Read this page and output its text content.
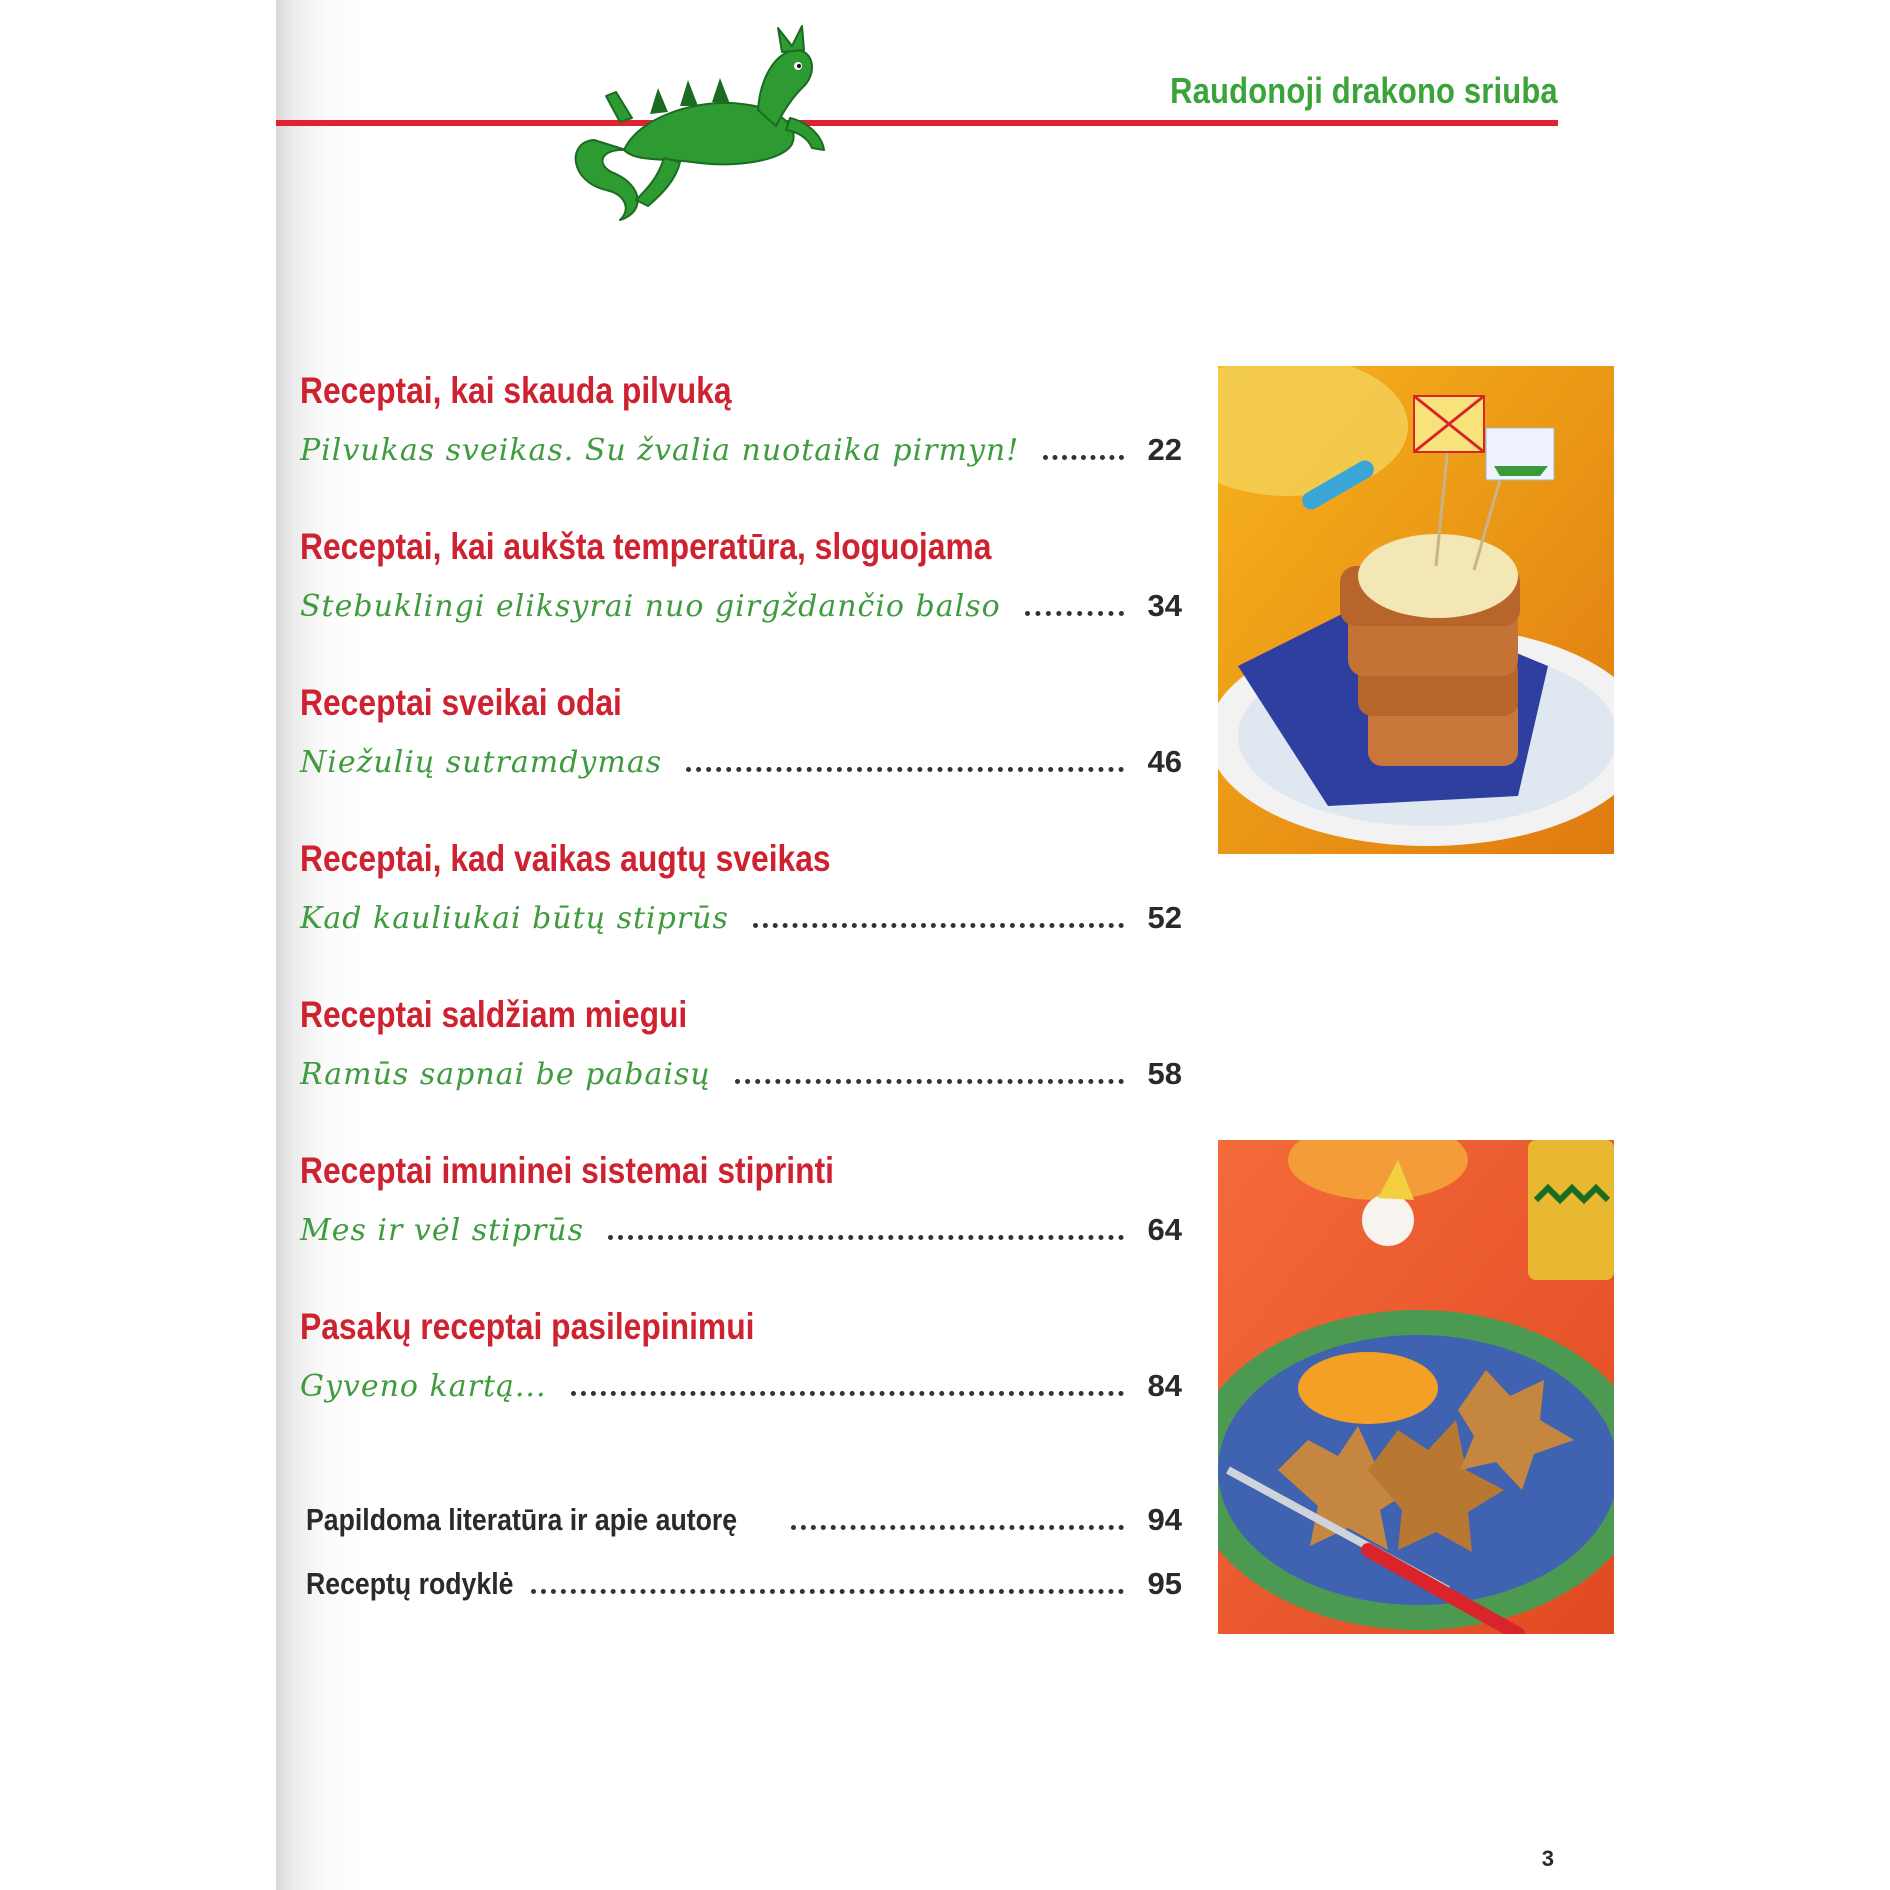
Raudonoji drakono sriuba
Receptai, kai skauda pilvuką
Pilvukas sveikas. Su žvalia nuotaika pirmyn!	22
Receptai, kai aukšta temperatūra, sloguojama
Stebuklingi eliksyrai nuo girgždančio balso	34
Receptai sveikai odai
Niežulių sutramdymas	46
Receptai, kad vaikas augtų sveikas
Kad kauliukai būtų stiprūs	52
Receptai saldžiam miegui
Ramūs sapnai be pabaisų	58
Receptai imuninei sistemai stiprinti
Mes ir vėl stiprūs	64
Pasakų receptai pasilepinimui
Gyveno kartą...	84
Papildoma literatūra ir apie autorę	94
Receptų rodyklė	95
3
